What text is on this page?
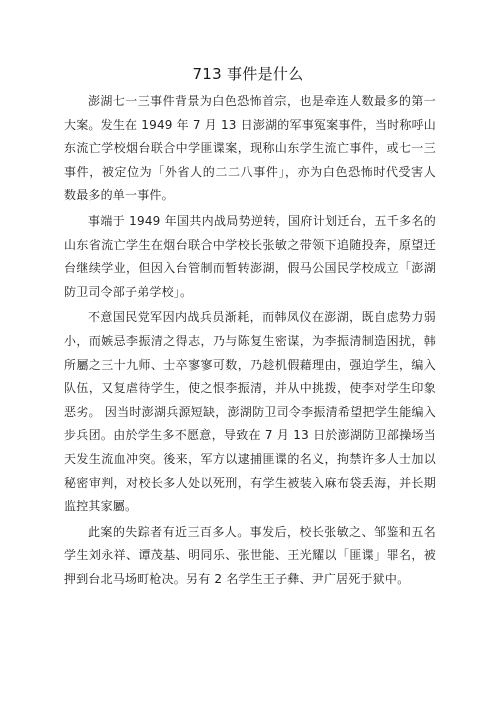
713 事件是什么

澎湖七一三事件背景为白色恐怖首宗，也是牵连人数最多的第一大案。发生在 1949 年 7 月 13 日澎湖的军事冤案事件，当时称呼山东流亡学校烟台联合中学匪谍案，现称山东学生流亡事件，或七一三事件，被定位为「外省人的二二八事件」，亦为白色恐怖时代受害人数最多的单一事件。

事端于 1949 年国共内战局势逆转，国府计划迁台，五千多名的山东省流亡学生在烟台联合中学校长张敏之带领下追随投奔，原望迁台继续学业，但因入台管制而暂转澎湖，假马公国民学校成立「澎湖防卫司令部子弟学校」。

不意国民党军因内战兵员渐耗，而韩凤仪在澎湖，既自虑势力弱小，而嫉忌李振清之得志，乃与陈复生密谋，为李振清制造困扰，韩所屬之三十九师、士卒寥寥可数，乃趁机假藉理由，强迫学生，编入队伍，又复虐待学生，使之恨李振清，并从中挑拨，使李对学生印象恶劣。 因当时澎湖兵源短缺，澎湖防卫司令李振清希望把学生能编入步兵团。由於学生多不愿意，导致在 7 月 13 日於澎湖防卫部操场当天发生流血冲突。後来，军方以逮捕匪谍的名义，拘禁许多人士加以秘密审判，对校长多人处以死刑，有学生被装入麻布袋丢海，并长期监控其家屬。

此案的失踪者有近三百多人。事发后，校长张敏之、邹鉴和五名学生刘永祥、谭茂基、明同乐、张世能、王光耀以「匪谍」罪名，被押到台北马场町枪决。另有 2 名学生王子彝、尹广居死于狱中。
